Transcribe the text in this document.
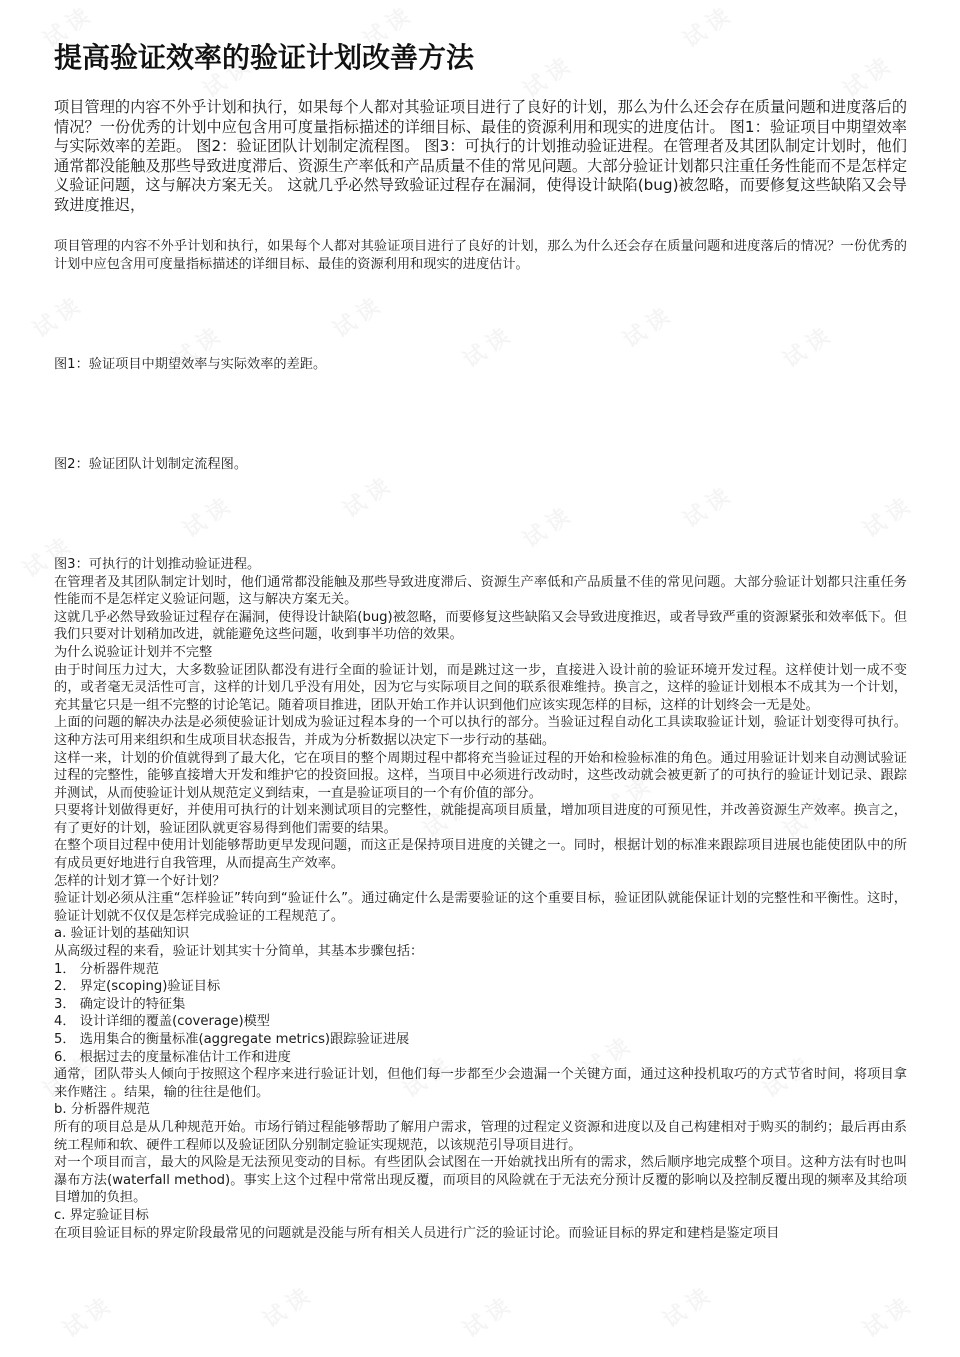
提高验证效率的验证计划改善方法

项目管理的内容不外乎计划和执行，如果每个人都对其验证项目进行了良好的计划，那么为什么还会存在质量问题和进度落后的情况？一份优秀的计划中应包含用可度量指标描述的详细目标、最佳的资源利用和现实的进度估计。 图1：验证项目中期望效率与实际效率的差距。 图2：验证团队计划制定流程图。 图3：可执行的计划推动验证进程。在管理者及其团队制定计划时，他们通常都没能触及那些导致进度滞后、资源生产率低和产品质量不佳的常见问题。大部分验证计划都只注重任务性能而不是怎样定义验证问题，这与解决方案无关。 这就几乎必然导致验证过程存在漏洞，使得设计缺陷(bug)被忽略，而要修复这些缺陷又会导致进度推迟，

项目管理的内容不外乎计划和执行，如果每个人都对其验证项目进行了良好的计划，那么为什么还会存在质量问题和进度落后的情况？一份优秀的计划中应包含用可度量指标描述的详细目标、最佳的资源利用和现实的进度估计。

图1：验证项目中期望效率与实际效率的差距。

图2：验证团队计划制定流程图。

图3：可执行的计划推动验证进程。

在管理者及其团队制定计划时，他们通常都没能触及那些导致进度滞后、资源生产率低和产品质量不佳的常见问题。大部分验证计划都只注重任务性能而不是怎样定义验证问题，这与解决方案无关。
这就几乎必然导致验证过程存在漏洞，使得设计缺陷(bug)被忽略，而要修复这些缺陷又会导致进度推迟，或者导致严重的资源紧张和效率低下。但我们只要对计划稍加改进，就能避免这些问题，收到事半功倍的效果。
为什么说验证计划并不完整
由于时间压力过大，大多数验证团队都没有进行全面的验证计划，而是跳过这一步，直接进入设计前的验证环境开发过程。这样使计划一成不变的，或者毫无灵活性可言，这样的计划几乎没有用处，因为它与实际项目之间的联系很难维持。换言之，这样的验证计划根本不成其为一个计划，充其量它只是一组不完整的讨论笔记。随着项目推进，团队开始工作并认识到他们应该实现怎样的目标，这样的计划终会一无是处。
上面的问题的解决办法是必须使验证计划成为验证过程本身的一个可以执行的部分。当验证过程自动化工具读取验证计划，验证计划变得可执行。这种方法可用来组织和生成项目状态报告，并成为分析数据以决定下一步行动的基础。
这样一来，计划的价值就得到了最大化，它在项目的整个周期过程中都将充当验证过程的开始和检验标准的角色。通过用验证计划来自动测试验证过程的完整性，能够直接增大开发和维护它的投资回报。这样，当项目中必须进行改动时，这些改动就会被更新了的可执行的验证计划记录、跟踪并测试，从而使验证计划从规范定义到结束，一直是验证项目的一个有价值的部分。
只要将计划做得更好，并使用可执行的计划来测试项目的完整性，就能提高项目质量，增加项目进度的可预见性，并改善资源生产效率。换言之，有了更好的计划，验证团队就更容易得到他们需要的结果。
在整个项目过程中使用计划能够帮助更早发现问题，而这正是保持项目进度的关键之一。同时，根据计划的标准来跟踪项目进展也能使团队中的所有成员更好地进行自我管理，从而提高生产效率。
怎样的计划才算一个好计划？
验证计划必须从注重“怎样验证”转向到“验证什么”。通过确定什么是需要验证的这个重要目标，验证团队就能保证计划的完整性和平衡性。这时，验证计划就不仅仅是怎样完成验证的工程规范了。
a. 验证计划的基础知识
从高级过程的来看，验证计划其实十分简单，其基本步骤包括：
1． 分析器件规范
2． 界定(scoping)验证目标
3． 确定设计的特征集
4． 设计详细的覆盖(coverage)模型
5． 选用集合的衡量标准(aggregate metrics)跟踪验证进展
6． 根据过去的度量标准估计工作和进度
通常，团队带头人倾向于按照这个程序来进行验证计划，但他们每一步都至少会遗漏一个关键方面，通过这种投机取巧的方式节省时间，将项目拿来作赌注 。结果，输的往往是他们。
b. 分析器件规范
所有的项目总是从几种规范开始。市场行销过程能够帮助了解用户需求，管理的过程定义资源和进度以及自己构建相对于购买的制约；最后再由系统工程师和软、硬件工程师以及验证团队分别制定验证实现规范，以该规范引导项目进行。
对一个项目而言，最大的风险是无法预见变动的目标。有些团队会试图在一开始就找出所有的需求，然后顺序地完成整个项目。这种方法有时也叫瀑布方法(waterfall method)。事实上这个过程中常常出现反覆，而项目的风险就在于无法充分预计反覆的影响以及控制反覆出现的频率及其给项目增加的负担。
c. 界定验证目标
在项目验证目标的界定阶段最常见的问题就是没能与所有相关人员进行广泛的验证讨论。而验证目标的界定和建档是鉴定项目
